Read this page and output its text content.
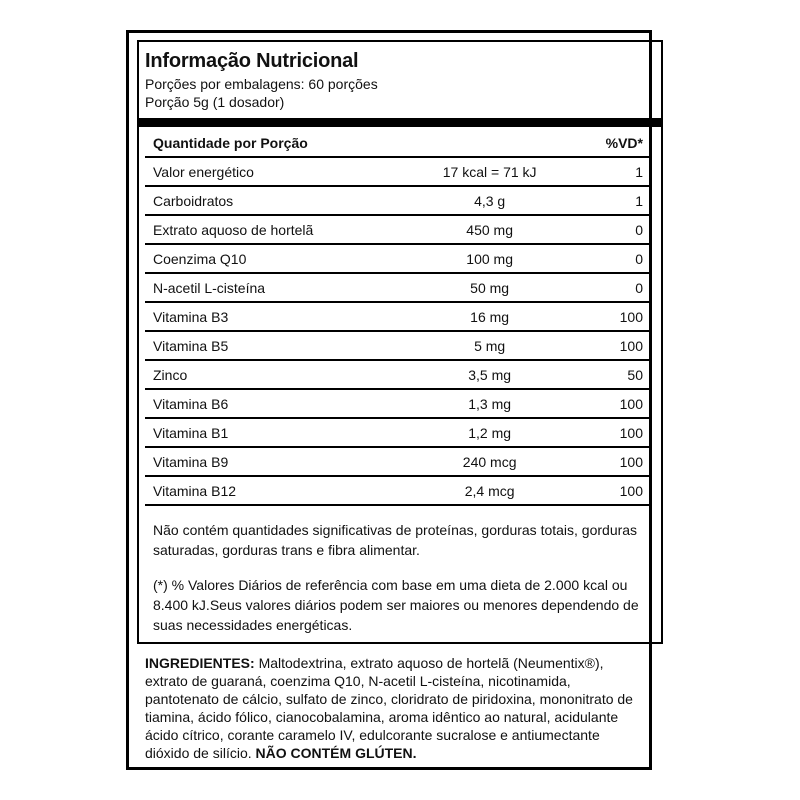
Informação Nutricional
Porções por embalagens: 60 porções
Porção 5g (1 dosador)
Quantidade por Porção		%VD*
Valor energético	17 kcal = 71 kJ	1
Carboidratos	4,3 g	1
Extrato aquoso de hortelã	450 mg	0
Coenzima Q10	100 mg	0
N-acetil L-cisteína	50 mg	0
Vitamina B3	16 mg	100
Vitamina B5	5 mg	100
Zinco	3,5 mg	50
Vitamina B6	1,3 mg	100
Vitamina B1	1,2 mg	100
Vitamina B9	240 mcg	100
Vitamina B12	2,4 mcg	100
Não contém quantidades significativas de proteínas, gorduras totais, gorduras saturadas, gorduras trans e fibra alimentar.
(*) % Valores Diários de referência com base em uma dieta de 2.000 kcal ou 8.400 kJ.Seus valores diários podem ser maiores ou menores dependendo de suas necessidades energéticas.
INGREDIENTES: Maltodextrina, extrato aquoso de hortelã (Neumentix®), extrato de guaraná, coenzima Q10, N-acetil L-cisteína, nicotinamida, pantotenato de cálcio, sulfato de zinco, cloridrato de piridoxina, mononitrato de tiamina, ácido fólico, cianocobalamina, aroma idêntico ao natural, acidulante ácido cítrico, corante caramelo IV, edulcorante sucralose e antiumectante dióxido de silício. NÃO CONTÉM GLÚTEN.
